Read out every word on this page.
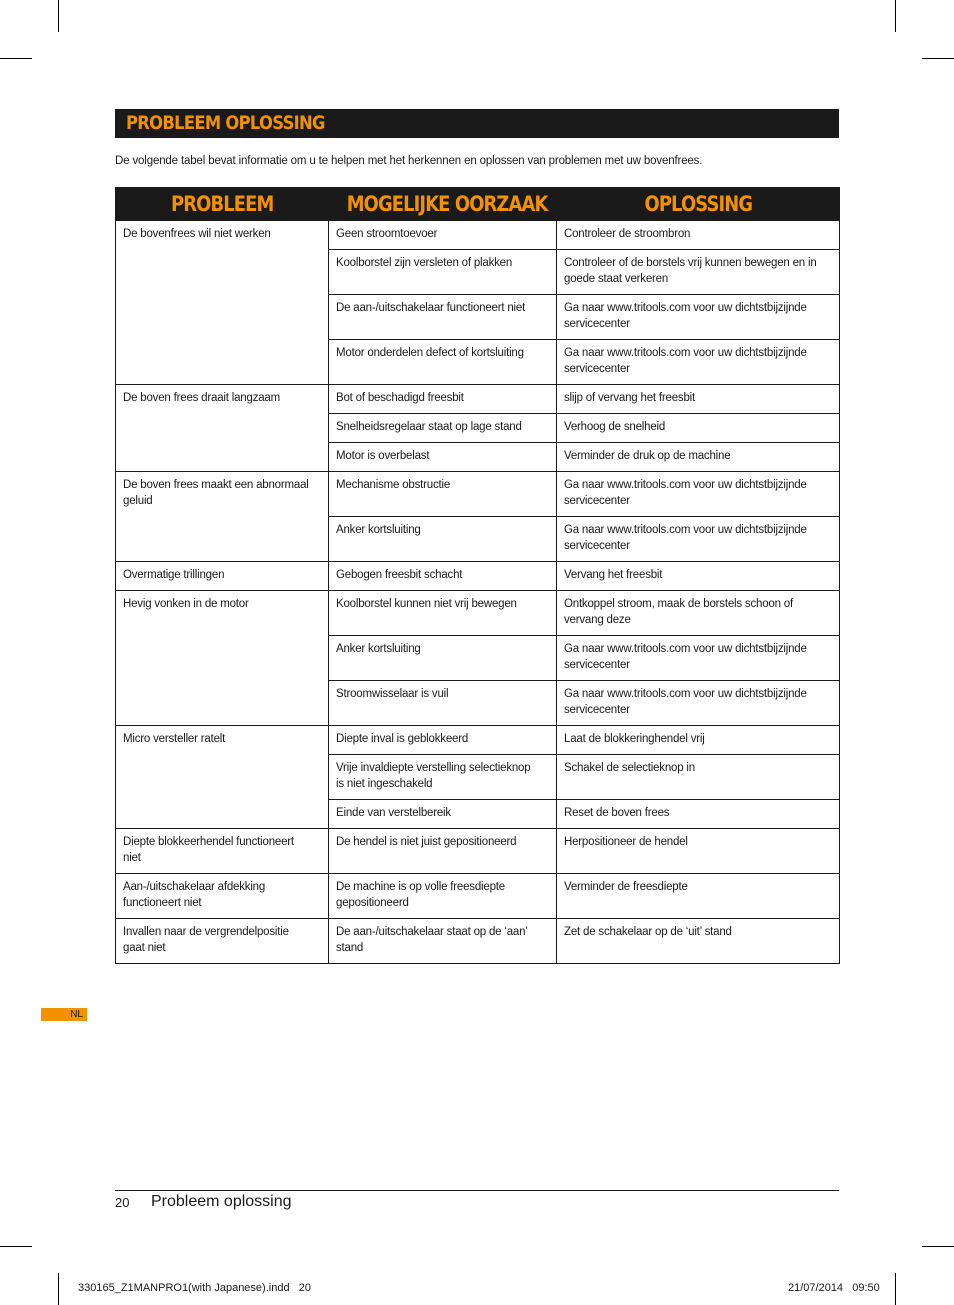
PROBLEEM OPLOSSING
De volgende tabel bevat informatie om u te helpen met het herkennen en oplossen van problemen met uw bovenfrees.
PROBLEEM	MOGELIJKE OORZAAK	OPLOSSING

De bovenfrees wil niet werken	Geen stroomtoevoer	Controleer de stroombron

	Koolborstel zijn versleten of plakken	Controleer of de borstels vrij kunnen bewegen en in
goede staat verkeren

	De aan-/uitschakelaar functioneert niet	Ga naar www.tritools.com voor uw dichtstbijzijnde
servicecenter

	Motor onderdelen defect of kortsluiting	Ga naar www.tritools.com voor uw dichtstbijzijnde
servicecenter

De boven frees draait langzaam	Bot of beschadigd freesbit	slijp of vervang het freesbit

	Snelheidsregelaar staat op lage stand	Verhoog de snelheid

	Motor is overbelast	Verminder de druk op de machine

De boven frees maakt een abnormaal
geluid	Mechanisme obstructie	Ga naar www.tritools.com voor uw dichtstbijzijnde
servicecenter

	Anker kortsluiting	Ga naar www.tritools.com voor uw dichtstbijzijnde
servicecenter

Overmatige trillingen	Gebogen freesbit schacht	Vervang het freesbit

Hevig vonken in de motor	Koolborstel kunnen niet vrij bewegen	Ontkoppel stroom, maak de borstels schoon of
vervang deze

	Anker kortsluiting	Ga naar www.tritools.com voor uw dichtstbijzijnde
servicecenter

	Stroomwisselaar is vuil	Ga naar www.tritools.com voor uw dichtstbijzijnde
servicecenter

Micro versteller ratelt	Diepte inval is geblokkeerd	Laat de blokkeringhendel vrij

	Vrije invaldiepte verstelling selectieknop
is niet ingeschakeld	Schakel de selectieknop in

	Einde van verstelbereik	Reset de boven frees

Diepte blokkeerhendel functioneert
niet	De hendel is niet juist gepositioneerd	Herpositioneer de hendel

Aan-/uitschakelaar afdekking
functioneert niet	De machine is op volle freesdiepte
gepositioneerd	Verminder de freesdiepte

Invallen naar de vergrendelpositie
gaat niet	De aan-/uitschakelaar staat op de ‘aan’
stand	Zet de schakelaar op de ‘uit’ stand
NL
20 Probleem oplossing
330165_Z1MANPRO1(with Japanese).indd   20	21/07/2014 09:50
